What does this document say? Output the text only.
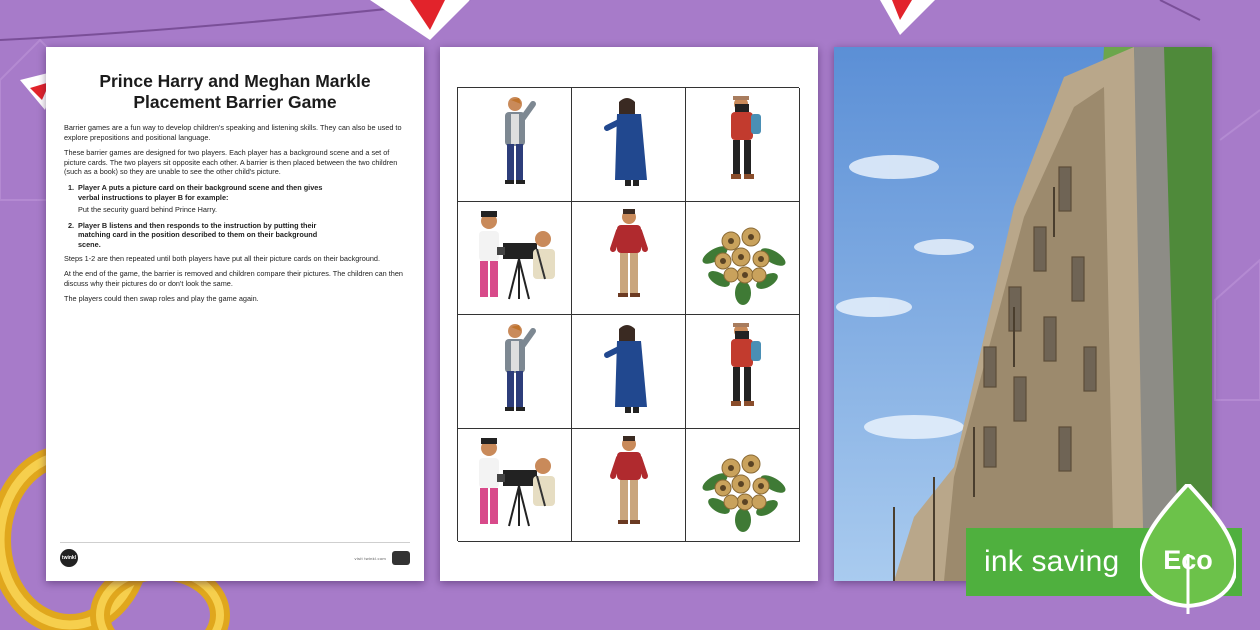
Prince Harry and Meghan Markle
Placement Barrier Game

Barrier games are a fun way to develop children's speaking and listening skills. They can also be used to explore prepositions and positional language.

These barrier games are designed for two players. Each player has a background scene and a set of picture cards. The two players sit opposite each other. A barrier is then placed between the two children (such as a book) so they are unable to see the other child's picture.

1. Player A puts a picture card on their background scene and then gives verbal instructions to player B for example:
Put the security guard behind Prince Harry.
2. Player B listens and then responds to the instruction by putting their matching card in the position described to them on their background scene.

Steps 1-2 are then repeated until both players have put all their picture cards on their background.

At the end of the game, the barrier is removed and children compare their pictures. The children can then discuss why their pictures do or don't look the same.

The players could then swap roles and play the game again.

twinkl	visit twinkl.com	ink saving Eco
